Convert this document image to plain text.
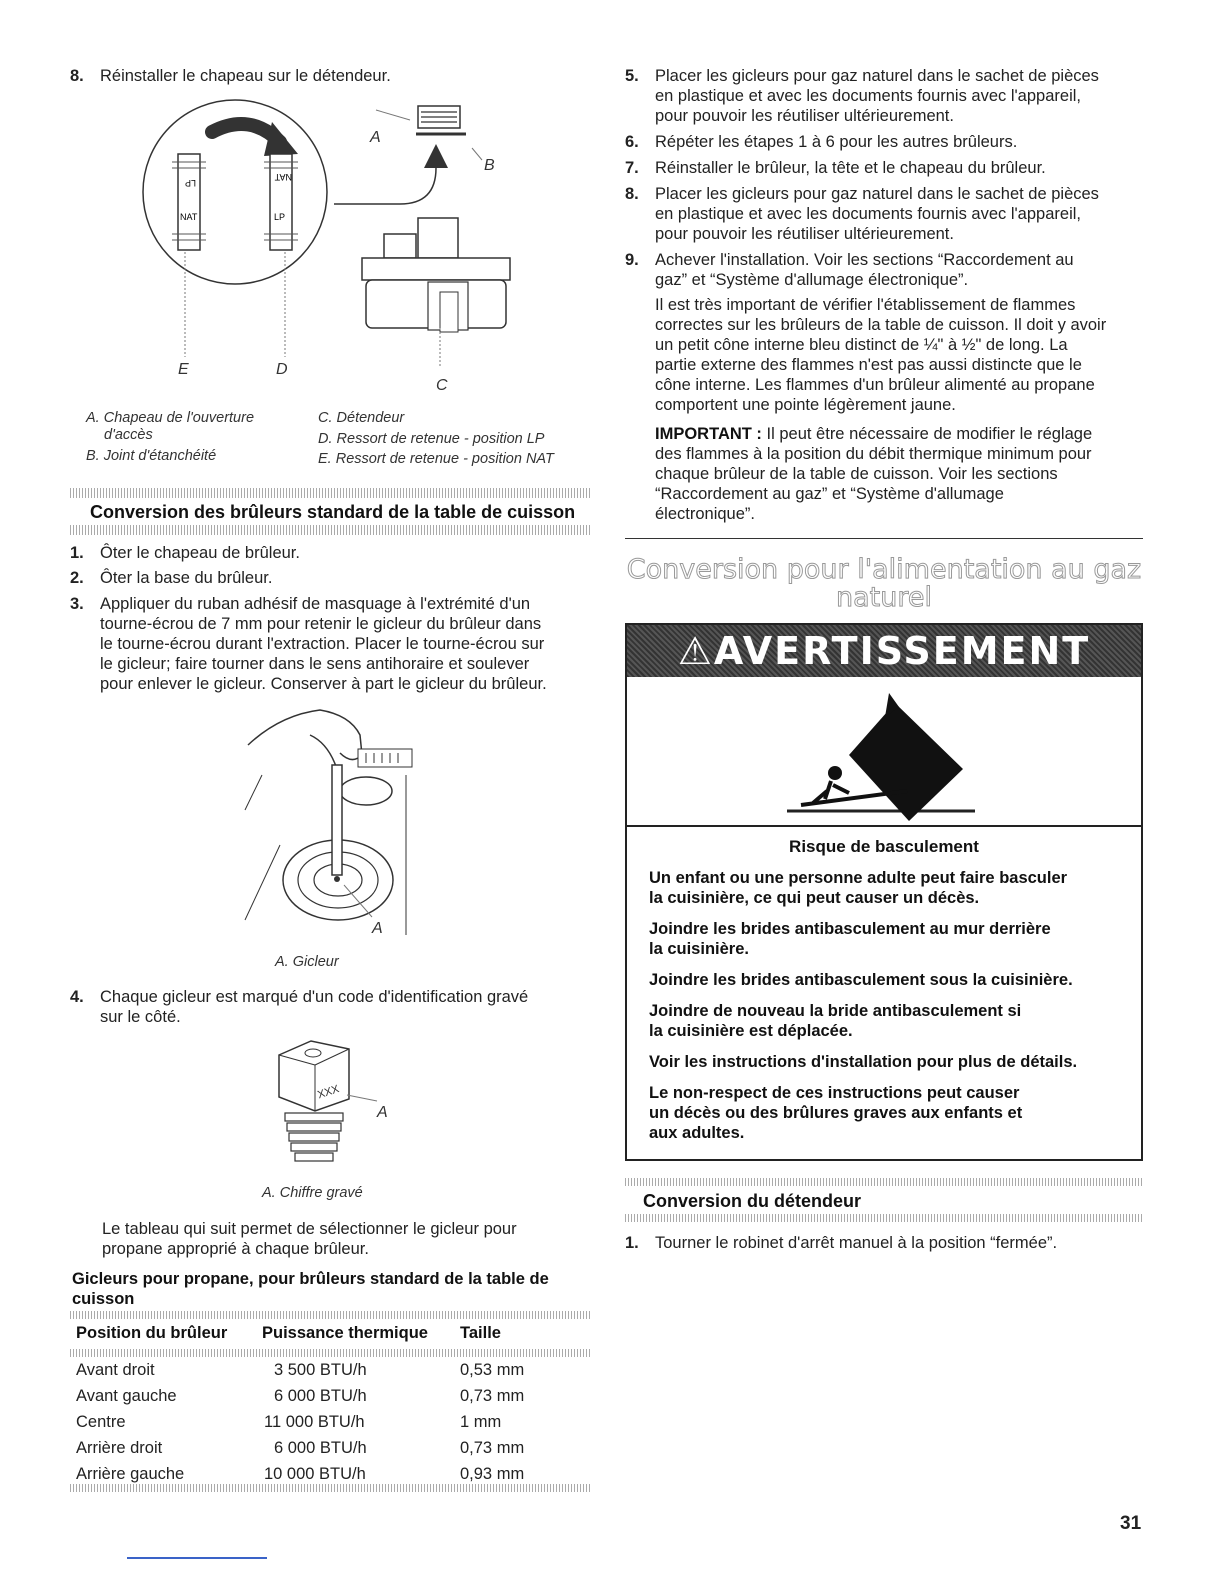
8. Réinstaller le chapeau sur le détendeur.
LP
NAT
NAT
LP
A
B
C
D
E
A. Chapeau de l'ouverture
d'accès
B. Joint d'étanchéité
C. Détendeur
D. Ressort de retenue - position LP
E. Ressort de retenue - position NAT
Conversion des brûleurs standard de la table de cuisson
1. Ôter le chapeau de brûleur.
2. Ôter la base du brûleur.
3. Appliquer du ruban adhésif de masquage à l'extrémité d'un
tourne-écrou de 7 mm pour retenir le gicleur du brûleur dans
le tourne-écrou durant l'extraction. Placer le tourne-écrou sur
le gicleur; faire tourner dans le sens antihoraire et soulever
pour enlever le gicleur. Conserver à part le gicleur du brûleur.
A
A. Gicleur
4. Chaque gicleur est marqué d'un code d'identification gravé
sur le côté.
XXX
A
A. Chiffre gravé
Le tableau qui suit permet de sélectionner le gicleur pour
propane approprié à chaque brûleur.
Gicleurs pour propane, pour brûleurs standard de la table de
cuisson
Position du brûleur	Puissance thermique	Taille

Avant droit	3 500 BTU/h	0,53 mm
Avant gauche	6 000 BTU/h	0,73 mm
Centre	11 000 BTU/h	1 mm
Arrière droit	6 000 BTU/h	0,73 mm
Arrière gauche	10 000 BTU/h	0,93 mm
5. Placer les gicleurs pour gaz naturel dans le sachet de pièces
en plastique et avec les documents fournis avec l'appareil,
pour pouvoir les réutiliser ultérieurement.
6. Répéter les étapes 1 à 6 pour les autres brûleurs.
7. Réinstaller le brûleur, la tête et le chapeau du brûleur.
8. Placer les gicleurs pour gaz naturel dans le sachet de pièces
en plastique et avec les documents fournis avec l'appareil,
pour pouvoir les réutiliser ultérieurement.
9. Achever l'installation. Voir les sections “Raccordement au
gaz” et “Système d'allumage électronique”.
Il est très important de vérifier l'établissement de flammes
correctes sur les brûleurs de la table de cuisson. Il doit y avoir
un petit cône interne bleu distinct de ¼" à ½" de long. La
partie externe des flammes n'est pas aussi distincte que le
cône interne. Les flammes d'un brûleur alimenté au propane
comportent une pointe légèrement jaune.
IMPORTANT : Il peut être nécessaire de modifier le réglage
des flammes à la position du débit thermique minimum pour
chaque brûleur de la table de cuisson. Voir les sections
“Raccordement au gaz” et “Système d'allumage
électronique”.
Conversion pour l'alimentation au gaz
naturel
⚠AVERTISSEMENT

Risque de basculement

Un enfant ou une personne adulte peut faire basculer
la cuisinière, ce qui peut causer un décès.

Joindre les brides antibasculement au mur derrière
la cuisinière.

Joindre les brides antibasculement sous la cuisinière.

Joindre de nouveau la bride antibasculement si
la cuisinière est déplacée.

Voir les instructions d'installation pour plus de détails.

Le non-respect de ces instructions peut causer
un décès ou des brûlures graves aux enfants et
aux adultes.

Conversion du détendeur
1. Tourner le robinet d'arrêt manuel à la position “fermée”.
31
